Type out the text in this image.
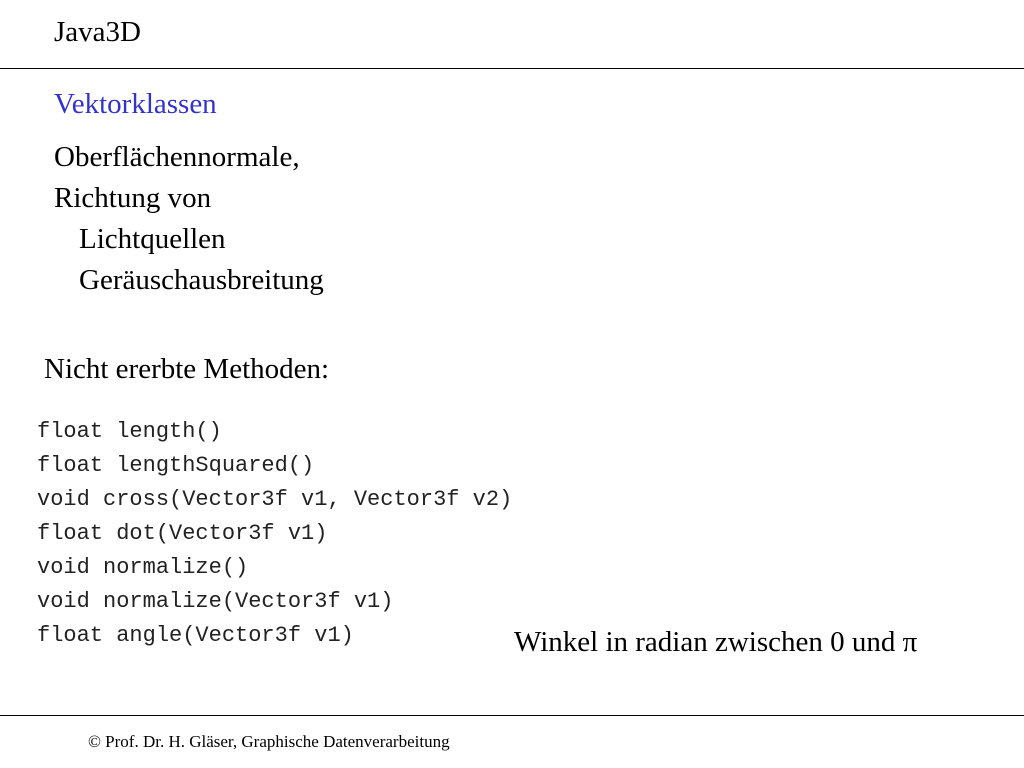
Java3D
Vektorklassen
Oberflächennormale,
Richtung von
Lichtquellen
Geräuschausbreitung
Nicht ererbte Methoden:
float length()
float lengthSquared()
void cross(Vector3f v1, Vector3f v2)
float dot(Vector3f v1)
void normalize()
void normalize(Vector3f v1)
float angle(Vector3f v1)	Winkel in radian zwischen 0 und π
© Prof. Dr. H. Gläser, Graphische Datenverarbeitung
